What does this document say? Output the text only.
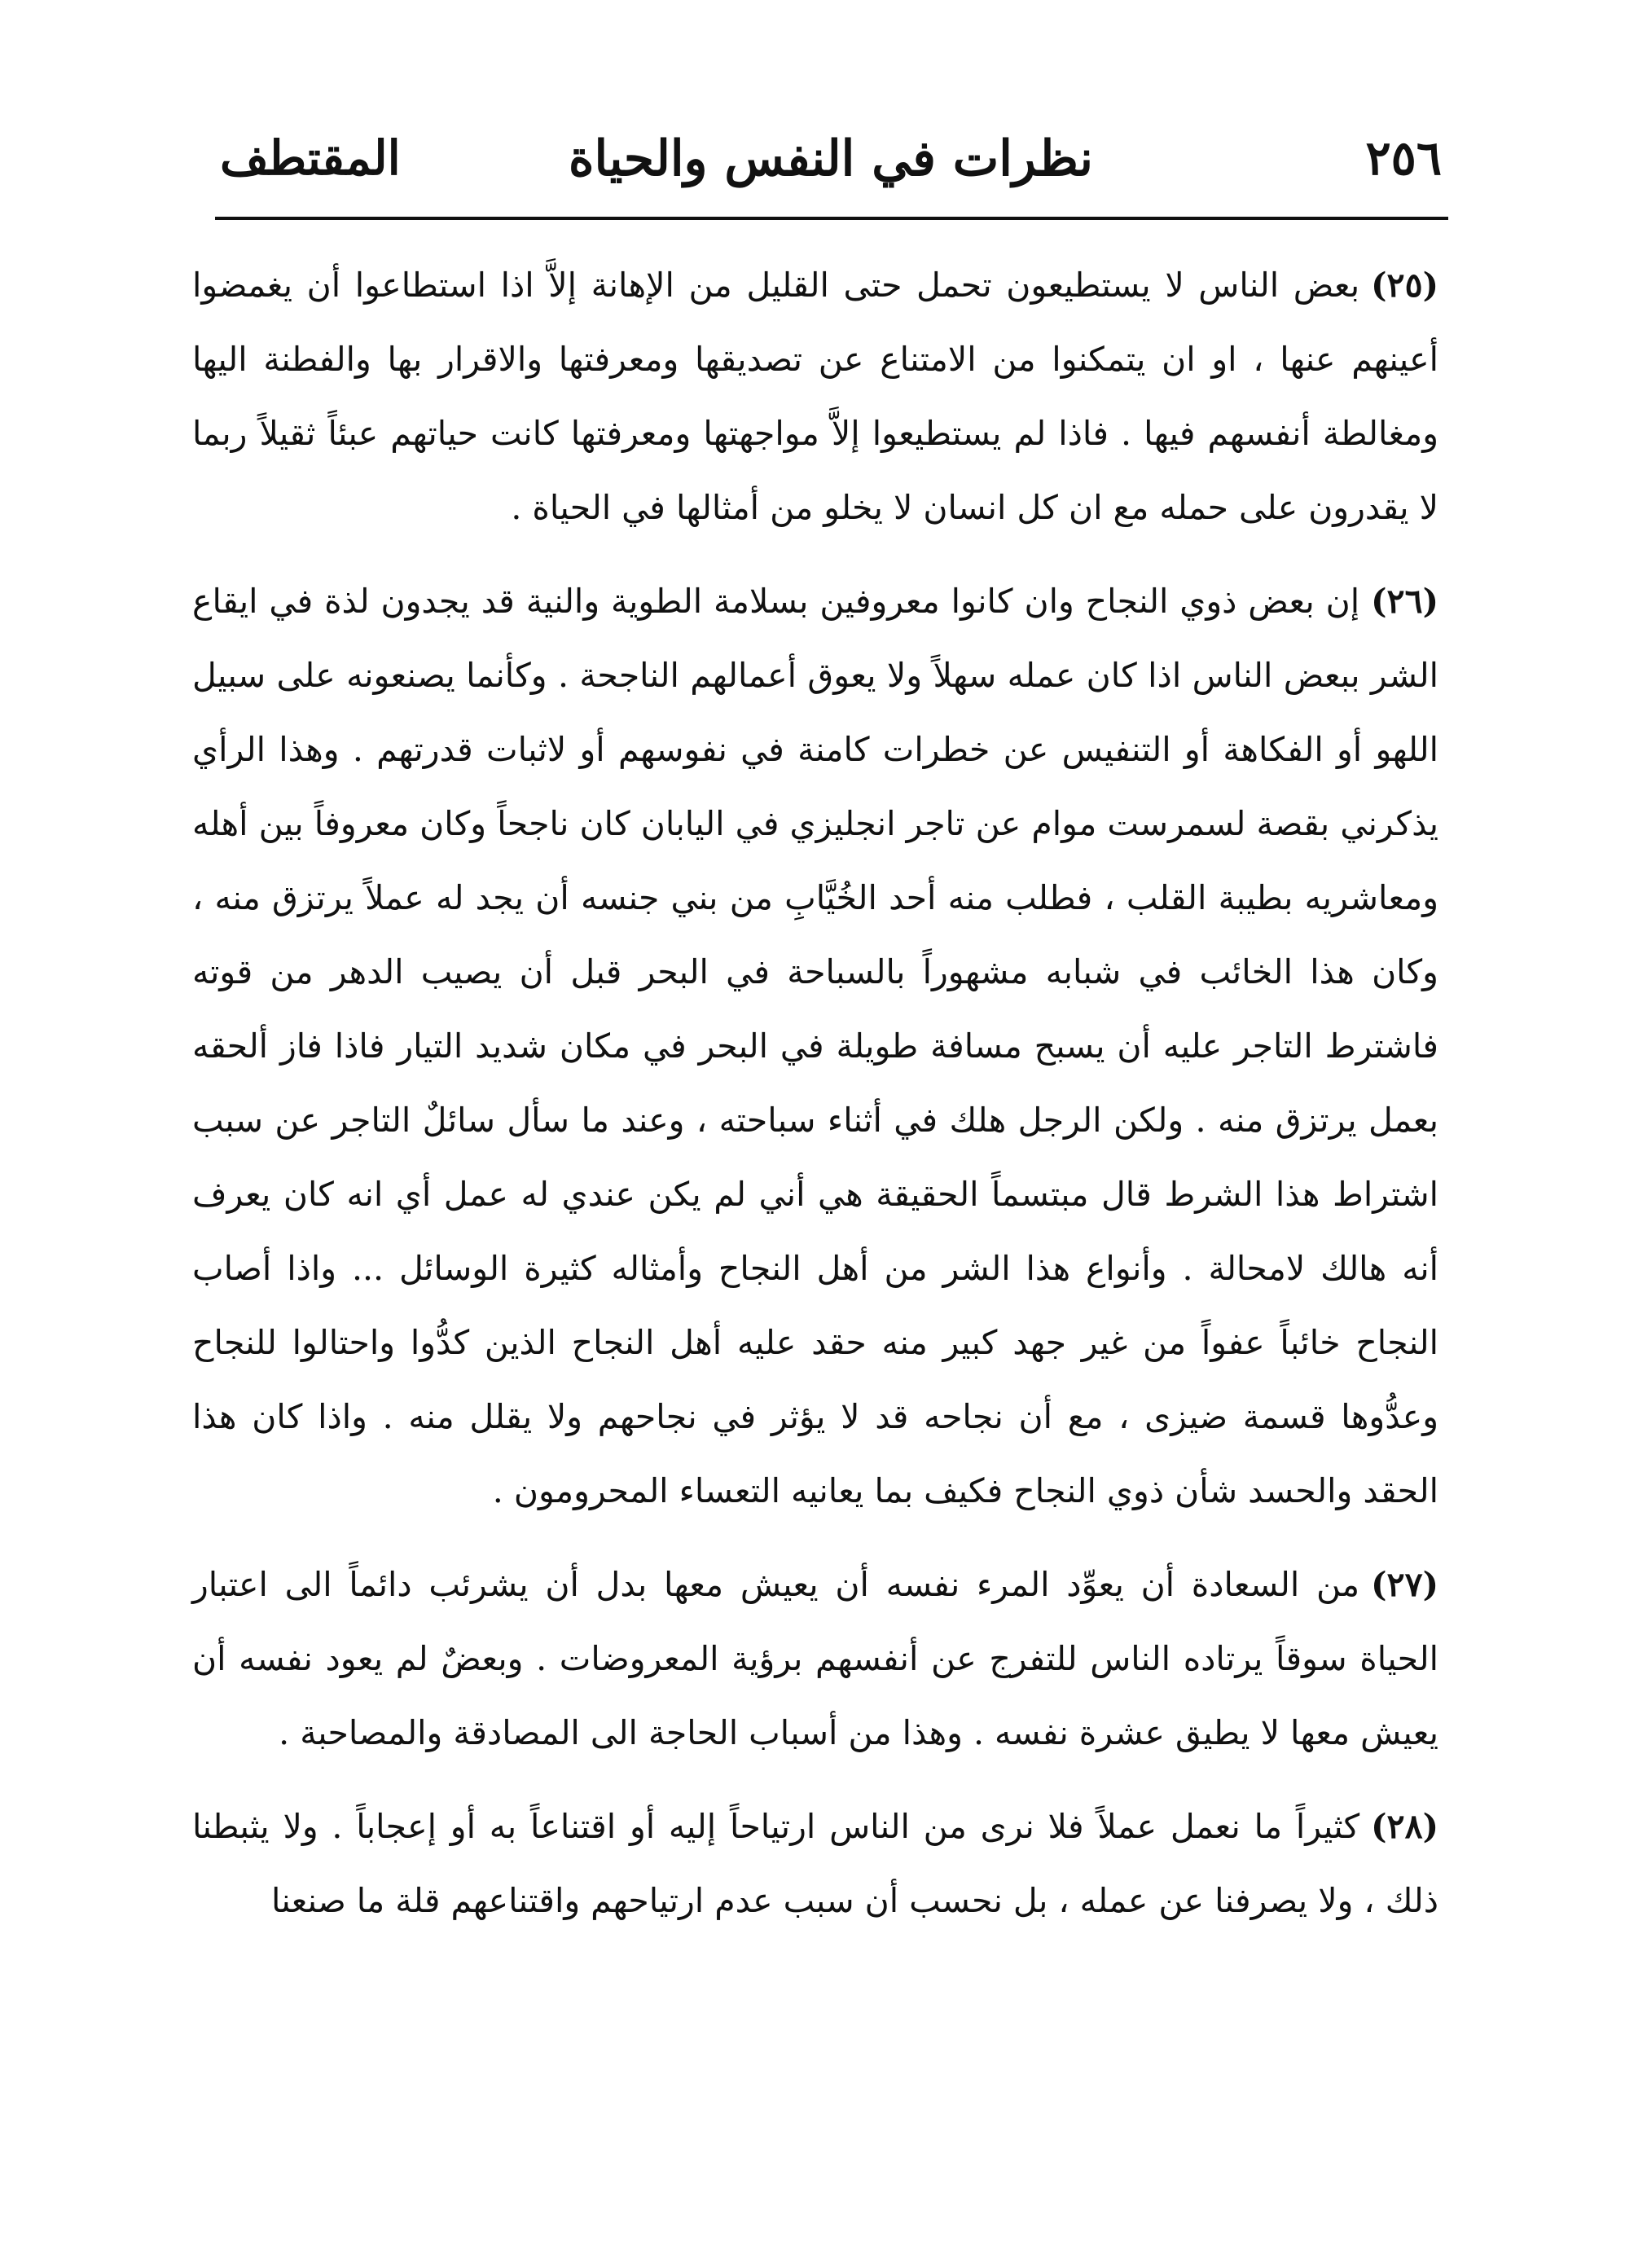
٢٥٦
نظرات في النفس والحياة
المقتطف

(٢٥)بعض الناس لا يستطيعون تحمل حتى القليل من الإهانة إلاَّ اذا استطاعوا أن يغمضوا أعينهم عنها ، او ان يتمكنوا من الامتناع عن تصديقها ومعرفتها والاقرار بها والفطنة اليها ومغالطة أنفسهم فيها . فاذا لم يستطيعوا إلاَّ مواجهتها ومعرفتها كانت حياتهم عبئاً ثقيلاً ربما لا يقدرون على حمله مع ان كل انسان لا يخلو من أمثالها في الحياة .

(٢٦)إن بعض ذوي النجاح وان كانوا معروفين بسلامة الطوية والنية قد يجدون لذة في ايقاع الشر ببعض الناس اذا كان عمله سهلاً ولا يعوق أعمالهم الناجحة . وكأنما يصنعونه على سبيل اللهو أو الفكاهة أو التنفيس عن خطرات كامنة في نفوسهم أو لاثبات قدرتهم . وهذا الرأي يذكرني بقصة لسمرست موام عن تاجر انجليزي في اليابان كان ناجحاً وكان معروفاً بين أهله ومعاشريه بطيبة القلب ، فطلب منه أحد الخُيَّابِ من بني جنسه أن يجد له عملاً يرتزق منه ، وكان هذا الخائب في شبابه مشهوراً بالسباحة في البحر قبل أن يصيب الدهر من قوته فاشترط التاجر عليه أن يسبح مسافة طويلة في البحر في مكان شديد التيار فاذا فاز ألحقه بعمل يرتزق منه . ولكن الرجل هلك في أثناء سباحته ، وعند ما سأل سائلٌ التاجر عن سبب اشتراط هذا الشرط قال مبتسماً الحقيقة هي أني لم يكن عندي له عمل أي انه كان يعرف أنه هالك لامحالة . وأنواع هذا الشر من أهل النجاح وأمثاله كثيرة الوسائل ... واذا أصاب النجاح خائباً عفواً من غير جهد كبير منه حقد عليه أهل النجاح الذين كدُّوا واحتالوا للنجاح وعدُّوها قسمة ضيزى ، مع أن نجاحه قد لا يؤثر في نجاحهم ولا يقلل منه . واذا كان هذا الحقد والحسد شأن ذوي النجاح فكيف بما يعانيه التعساء المحرومون .

(٢٧)من السعادة أن يعوِّد المرء نفسه أن يعيش معها بدل أن يشرئب دائماً الى اعتبار الحياة سوقاً يرتاده الناس للتفرج عن أنفسهم برؤية المعروضات . وبعضٌ لم يعود نفسه أن يعيش معها لا يطيق عشرة نفسه . وهذا من أسباب الحاجة الى المصادقة والمصاحبة .

(٢٨)كثيراً ما نعمل عملاً فلا نرى من الناس ارتياحاً إليه أو اقتناعاً به أو إعجاباً . ولا يثبطنا ذلك ، ولا يصرفنا عن عمله ، بل نحسب أن سبب عدم ارتياحهم واقتناعهم قلة ما صنعنا
